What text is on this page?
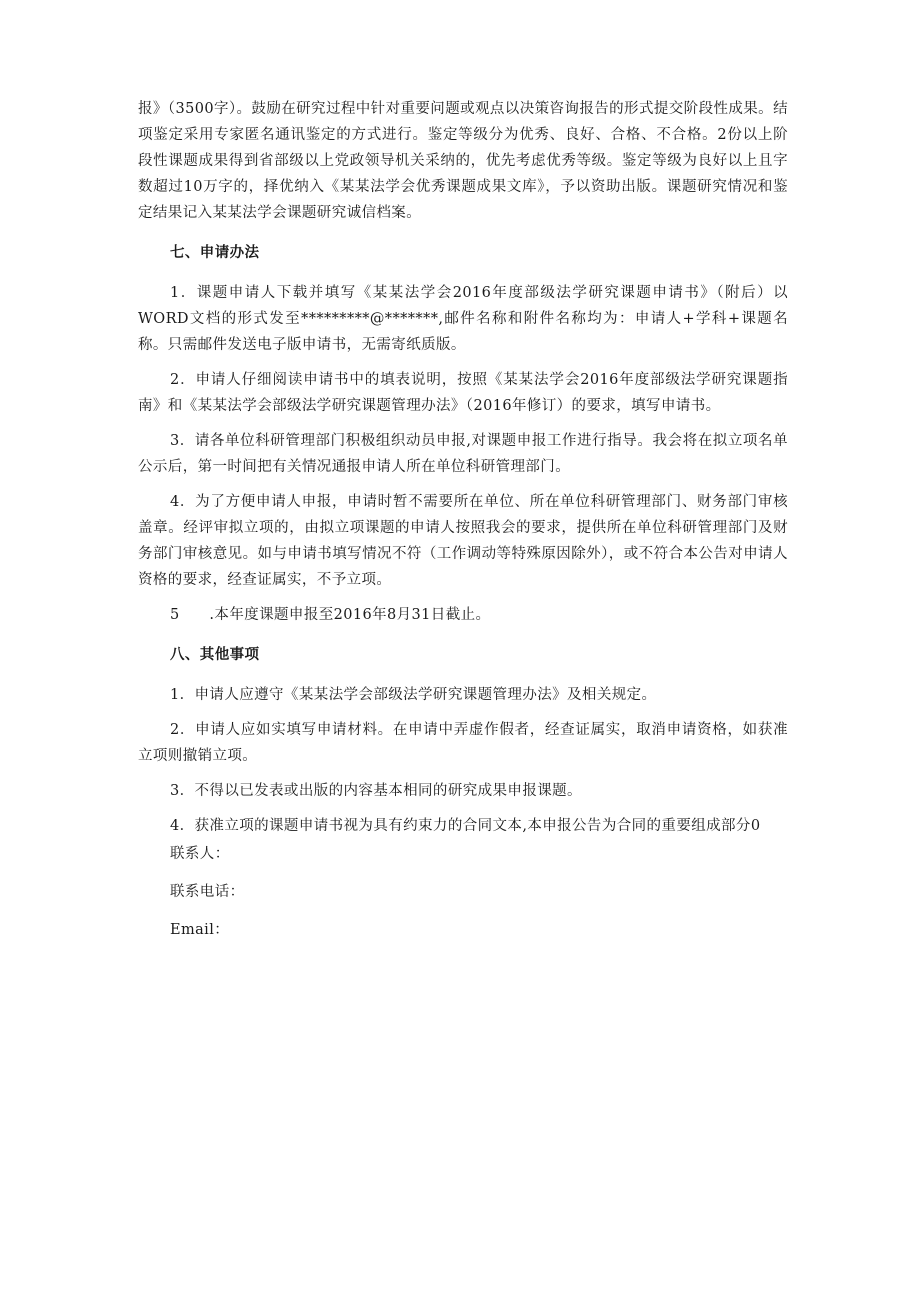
报》（3500字）。鼓励在研究过程中针对重要问题或观点以决策咨询报告的形式提交阶段性成果。结项鉴定采用专家匿名通讯鉴定的方式进行。鉴定等级分为优秀、良好、合格、不合格。2份以上阶段性课题成果得到省部级以上党政领导机关采纳的，优先考虑优秀等级。鉴定等级为良好以上且字数超过10万字的，择优纳入《某某法学会优秀课题成果文库》，予以资助出版。课题研究情况和鉴定结果记入某某法学会课题研究诚信档案。

七、申请办法

1．课题申请人下载并填写《某某法学会2016年度部级法学研究课题申请书》（附后）以WORD文档的形式发至*********@*******,邮件名称和附件名称均为：申请人+学科+课题名称。只需邮件发送电子版申请书，无需寄纸质版。

2．申请人仔细阅读申请书中的填表说明，按照《某某法学会2016年度部级法学研究课题指南》和《某某法学会部级法学研究课题管理办法》（2016年修订）的要求，填写申请书。

3．请各单位科研管理部门积极组织动员申报,对课题申报工作进行指导。我会将在拟立项名单公示后，第一时间把有关情况通报申请人所在单位科研管理部门。

4．为了方便申请人申报，申请时暂不需要所在单位、所在单位科研管理部门、财务部门审核盖章。经评审拟立项的，由拟立项课题的申请人按照我会的要求，提供所在单位科研管理部门及财务部门审核意见。如与申请书填写情况不符（工作调动等特殊原因除外），或不符合本公告对申请人资格的要求，经查证属实，不予立项。

5　　.本年度课题申报至2016年8月31日截止。

八、其他事项

1．申请人应遵守《某某法学会部级法学研究课题管理办法》及相关规定。

2．申请人应如实填写申请材料。在申请中弄虚作假者，经查证属实，取消申请资格，如获准立项则撤销立项。

3．不得以已发表或出版的内容基本相同的研究成果申报课题。

4．获准立项的课题申请书视为具有约束力的合同文本,本申报公告为合同的重要组成部分0

联系人：
联系电话：
Email：
